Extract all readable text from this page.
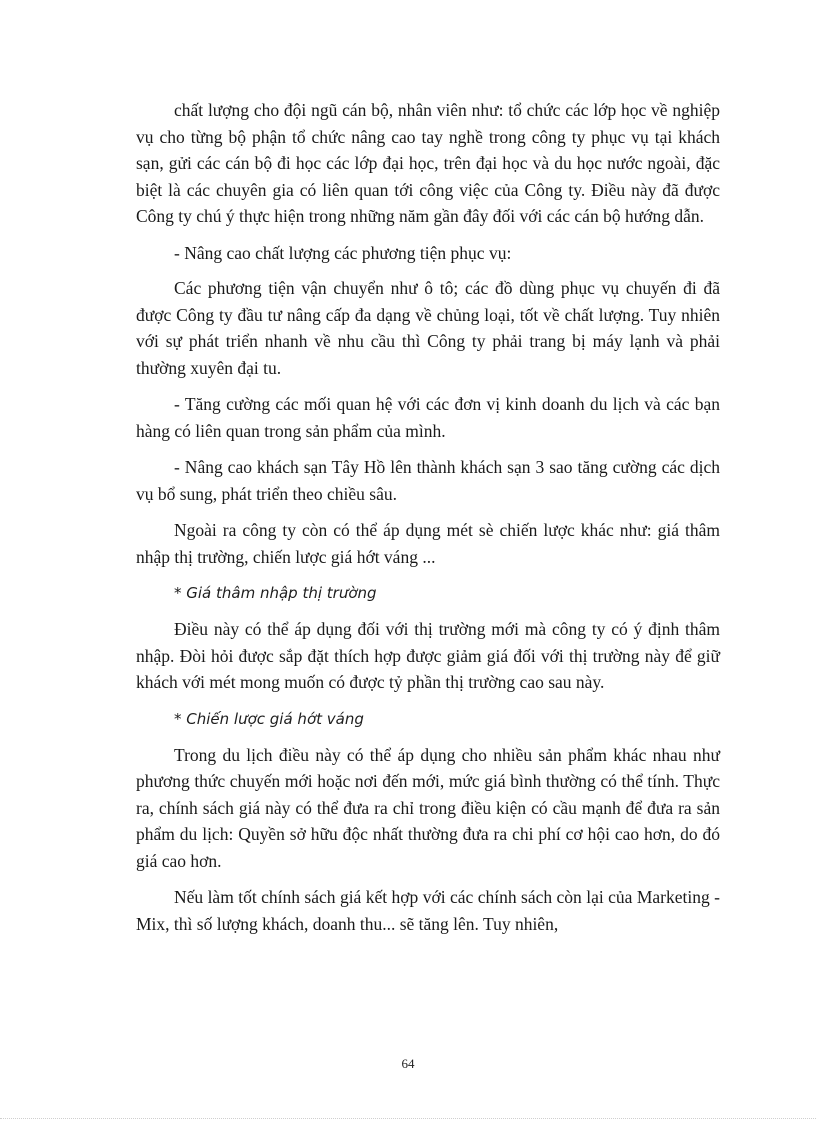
chất lượng cho đội ngũ cán bộ, nhân viên như: tổ chức các lớp học về nghiệp vụ cho từng bộ phận tổ chức nâng cao tay nghề trong công ty phục vụ tại khách sạn, gửi các cán bộ đi học các lớp đại học, trên đại học và du học nước ngoài, đặc biệt là các chuyên gia có liên quan tới công việc của Công ty. Điều này đã được Công ty chú ý thực hiện trong những năm gần đây đối với các cán bộ hướng dẫn.

- Nâng cao chất lượng các phương tiện phục vụ:

Các phương tiện vận chuyển như ô tô; các đồ dùng phục vụ chuyến đi đã được Công ty đầu tư nâng cấp đa dạng về chủng loại, tốt về chất lượng. Tuy nhiên với sự phát triển nhanh về nhu cầu thì Công ty phải trang bị máy lạnh và phải thường xuyên đại tu.

- Tăng cường các mối quan hệ với các đơn vị kinh doanh du lịch và các bạn hàng có liên quan trong sản phẩm của mình.

- Nâng cao khách sạn Tây Hồ lên thành khách sạn 3 sao tăng cường các dịch vụ bổ sung, phát triển theo chiều sâu.

Ngoài ra công ty còn có thể áp dụng mét sè chiến lược khác như: giá thâm nhập thị trường, chiến lược giá hớt váng ...

* Giá thâm nhập thị trường

Điều này có thể áp dụng đối với thị trường mới mà công ty có ý định thâm nhập. Đòi hỏi được sắp đặt thích hợp được giảm giá đối với thị trường này để giữ khách với mét mong muốn có được tỷ phần thị trường cao sau này.

* Chiến lược giá hớt váng

Trong du lịch điều này có thể áp dụng cho nhiều sản phẩm khác nhau như phương thức chuyến mới hoặc nơi đến mới, mức giá bình thường có thể tính. Thực ra, chính sách giá này có thể đưa ra chỉ trong điều kiện có cầu mạnh để đưa ra sản phẩm du lịch: Quyền sở hữu độc nhất thường đưa ra chi phí cơ hội cao hơn, do đó giá cao hơn.

Nếu làm tốt chính sách giá kết hợp với các chính sách còn lại của Marketing - Mix, thì số lượng khách, doanh thu... sẽ tăng lên. Tuy nhiên,

64
